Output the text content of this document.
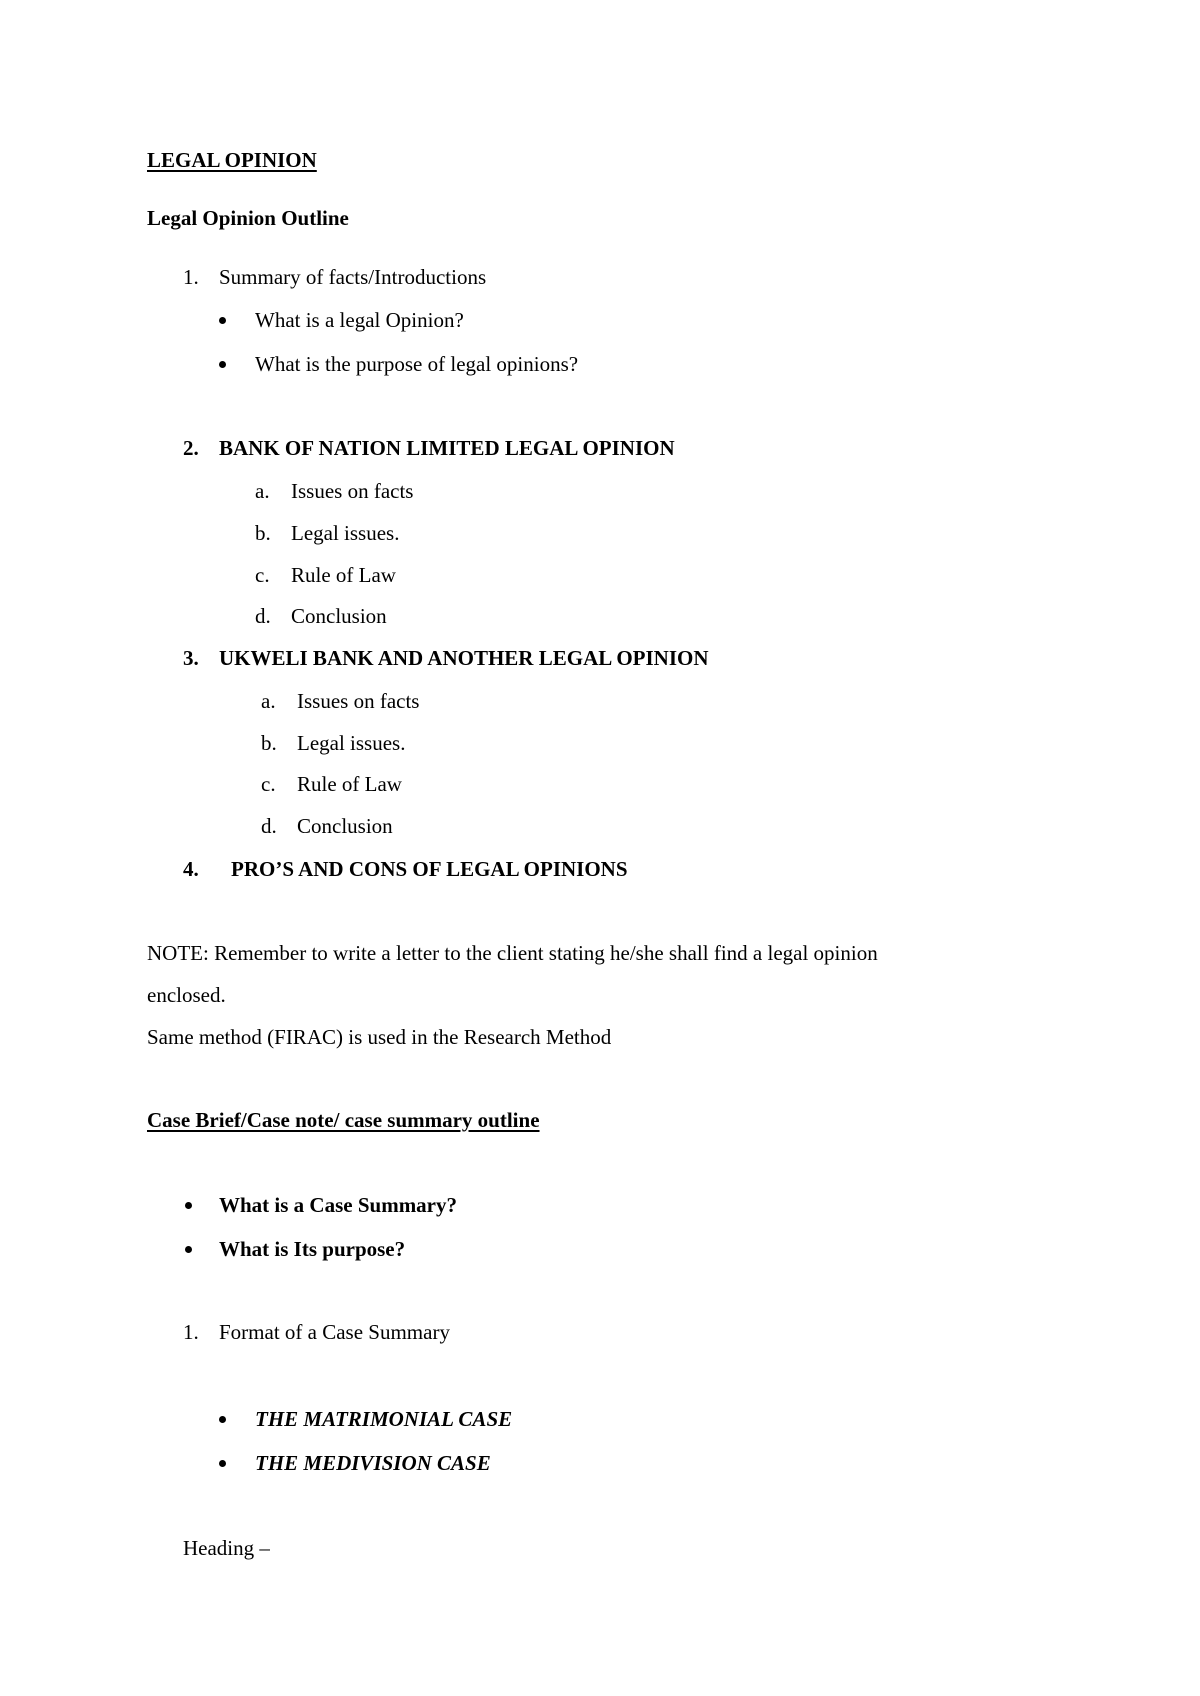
LEGAL OPINION
Legal Opinion Outline
1. Summary of facts/Introductions
What is a legal Opinion?
What is the purpose of legal opinions?
2. BANK OF NATION LIMITED LEGAL OPINION
a. Issues on facts
b. Legal issues.
c. Rule of Law
d. Conclusion
3. UKWELI BANK AND ANOTHER LEGAL OPINION
a. Issues on facts
b. Legal issues.
c. Rule of Law
d. Conclusion
4. PRO’S AND CONS OF LEGAL OPINIONS
NOTE: Remember to write a letter to the client stating he/she shall find a legal opinion
enclosed.
Same method (FIRAC) is used in the Research Method
Case Brief/Case note/ case summary outline
What is a Case Summary?
What is Its purpose?
1. Format of a Case Summary
THE MATRIMONIAL CASE
THE MEDIVISION CASE
Heading –
